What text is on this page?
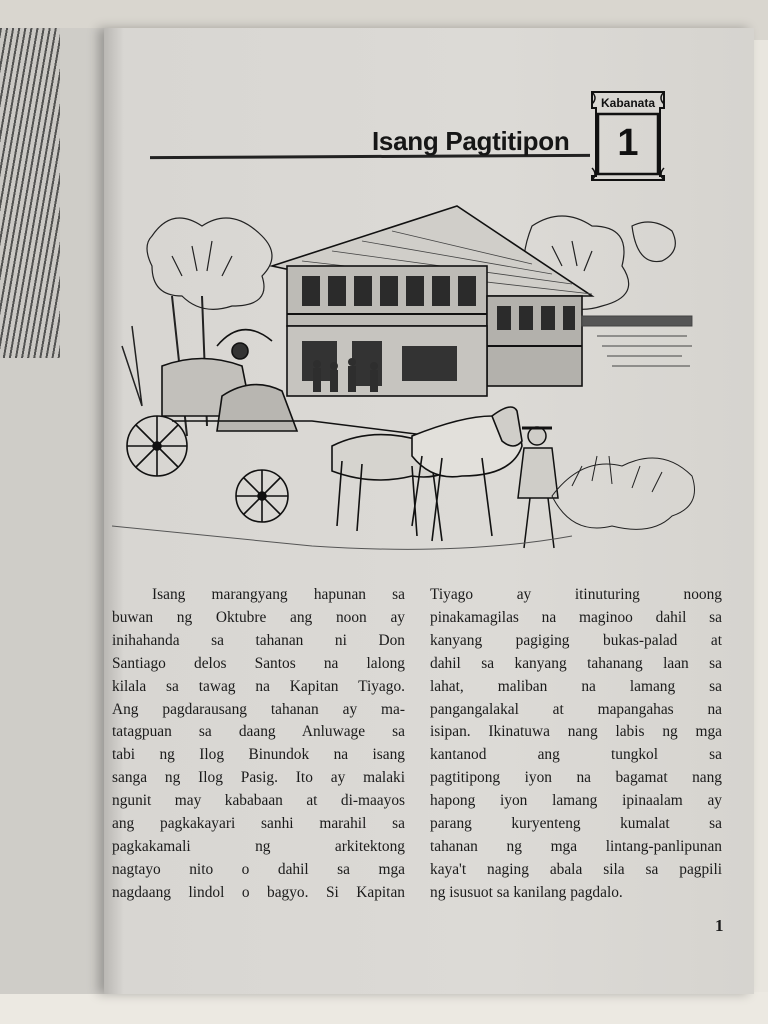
Isang Pagtitipon
Kabanata
1

Isang marangyang hapunan sa

buwan ng Oktubre ang noon ay

inihahanda sa tahanan ni Don

Santiago delos Santos na lalong

kilala sa tawag na Kapitan Tiyago.

Ang pagdarausang tahanan ay ma-

tatagpuan sa daang Anluwage sa

tabi ng Ilog Binundok na isang

sanga ng Ilog Pasig. Ito ay malaki

ngunit may kababaan at di-maayos

ang pagkakayari sanhi marahil sa

pagkakamali ng arkitektong

nagtayo nito o dahil sa mga

nagdaang lindol o bagyo. Si Kapitan

Tiyago ay itinuturing noong

pinakamagilas na maginoo dahil sa

kanyang pagiging bukas-palad at

dahil sa kanyang tahanang laan sa

lahat, maliban na lamang sa

pangangalakal at mapangahas na

isipan. Ikinatuwa nang labis ng mga

kantanod ang tungkol sa

pagtitipong iyon na bagamat nang

hapong iyon lamang ipinaalam ay

parang kuryenteng kumalat sa

tahanan ng mga lintang-panlipunan

kaya't naging abala sila sa pagpili

ng isusuot sa kanilang pagdalo.

1
